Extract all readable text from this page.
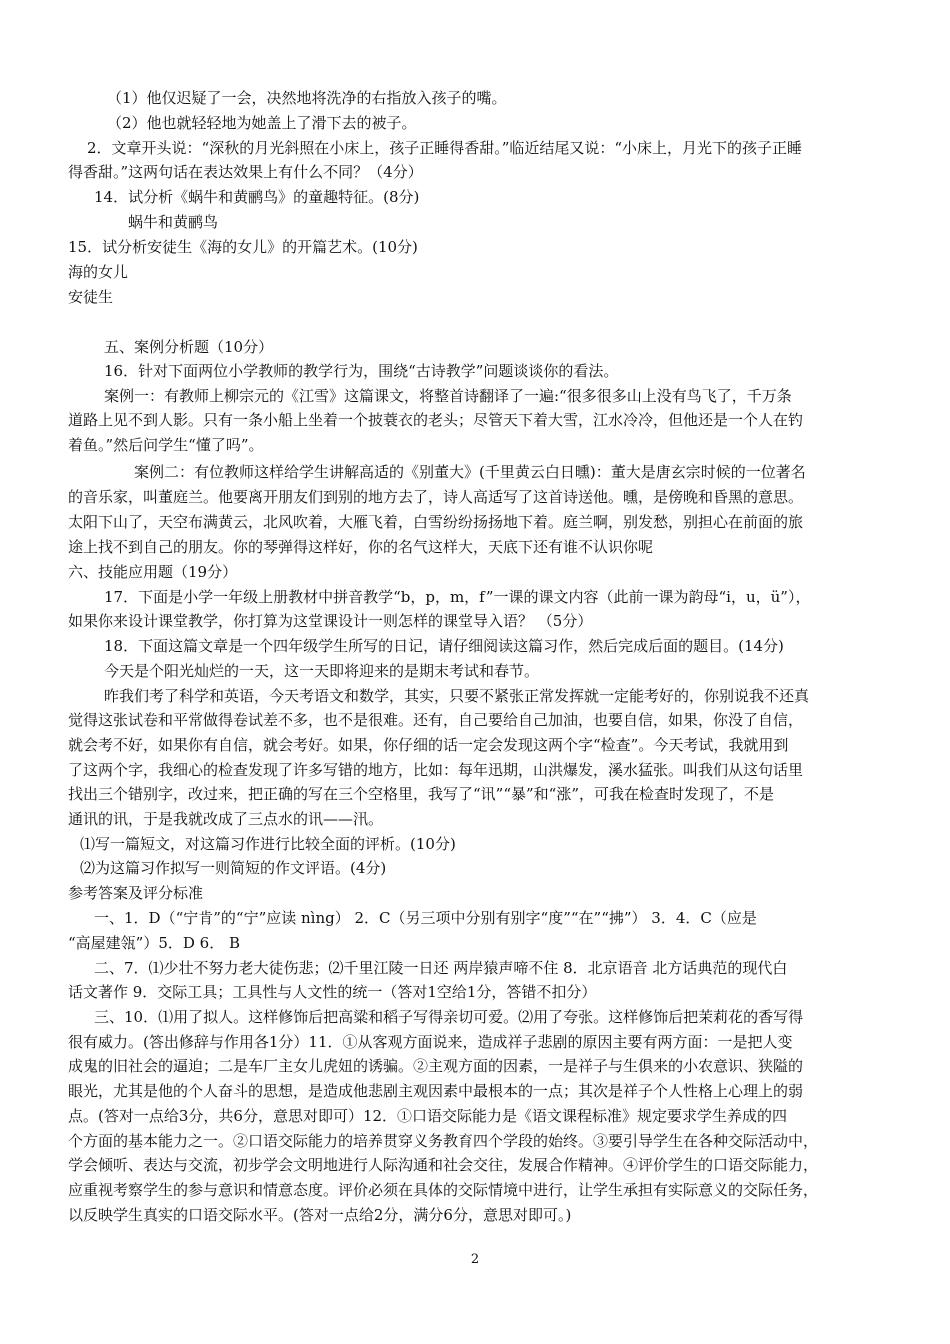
（1）他仅迟疑了一会，决然地将洗净的右指放入孩子的嘴。
（2）他也就轻轻地为她盖上了滑下去的被子。
2．文章开头说：“深秋的月光斜照在小床上，孩子正睡得香甜。”临近结尾又说：“小床上，月光下的孩子正睡
得香甜。”这两句话在表达效果上有什么不同？（4分）
14．试分析《蜗牛和黄鹂鸟》的童趣特征。(8分)
蜗牛和黄鹂鸟
15．试分析安徒生《海的女儿》的开篇艺术。(10分)
海的女儿
安徒生
五、案例分析题（10分）
16．针对下面两位小学教师的教学行为，围绕“古诗教学”问题谈谈你的看法。
案例一：有教师上柳宗元的《江雪》这篇课文，将整首诗翻译了一遍:“很多很多山上没有鸟飞了，千万条
道路上见不到人影。只有一条小船上坐着一个披蓑衣的老头；尽管天下着大雪，江水冷冷，但他还是一个人在钓
着鱼。”然后问学生“懂了吗”。
案例二：有位教师这样给学生讲解高适的《别董大》(千里黄云白日曛)：董大是唐玄宗时候的一位著名
的音乐家，叫董庭兰。他要离开朋友们到别的地方去了，诗人高适写了这首诗送他。曛，是傍晚和昏黑的意思。
太阳下山了，天空布满黄云，北风吹着，大雁飞着，白雪纷纷扬扬地下着。庭兰啊，别发愁，别担心在前面的旅
途上找不到自己的朋友。你的琴弹得这样好，你的名气这样大，天底下还有谁不认识你呢
六、技能应用题（19分）
17．下面是小学一年级上册教材中拼音教学“b，p，m，f”一课的课文内容（此前一课为韵母“i，u，ü”），
如果你来设计课堂教学，你打算为这堂课设计一则怎样的课堂导入语？ （5分）
18．下面这篇文章是一个四年级学生所写的日记，请仔细阅读这篇习作，然后完成后面的题目。(14分)
今天是个阳光灿烂的一天，这一天即将迎来的是期末考试和春节。
昨我们考了科学和英语，今天考语文和数学，其实，只要不紧张正常发挥就一定能考好的，你别说我不还真
觉得这张试卷和平常做得卷试差不多，也不是很难。还有，自己要给自己加油，也要自信，如果，你没了自信，
就会考不好，如果你有自信，就会考好。如果，你仔细的话一定会发现这两个字“检查”。今天考试，我就用到
了这两个字，我细心的检查发现了许多写错的地方，比如：每年迅期，山洪爆发，溪水猛张。叫我们从这句话里
找出三个错别字，改过来，把正确的写在三个空格里，我写了“讯”“暴”和“涨”，可我在检查时发现了，不是
通讯的讯，于是我就改成了三点水的讯——汛。
⑴写一篇短文，对这篇习作进行比较全面的评析。(10分)
⑵为这篇习作拟写一则简短的作文评语。(4分)
参考答案及评分标准
一、1．D（“宁肯”的“宁”应读 nìng） 2．C（另三项中分别有别字“度”“在”“拂”） 3．4．C（应是
“高屋建瓴”）5．D 6． B
二、7．⑴少壮不努力老大徒伤悲；⑵千里江陵一日还 两岸猿声啼不住 8．北京语音 北方话典范的现代白
话文著作 9．交际工具；工具性与人文性的统一（答对1空给1分，答错不扣分）
三、10．⑴用了拟人。这样修饰后把高粱和稻子写得亲切可爱。⑵用了夸张。这样修饰后把茉莉花的香写得
很有威力。(答出修辞与作用各1分）11．①从客观方面说来，造成祥子悲剧的原因主要有两方面：一是把人变
成鬼的旧社会的逼迫；二是车厂主女儿虎妞的诱骗。②主观方面的因素，一是祥子与生俱来的小农意识、狭隘的
眼光，尤其是他的个人奋斗的思想，是造成他悲剧主观因素中最根本的一点；其次是祥子个人性格上心理上的弱
点。(答对一点给3分，共6分，意思对即可）12．①口语交际能力是《语文课程标准》规定要求学生养成的四
个方面的基本能力之一。②口语交际能力的培养贯穿义务教育四个学段的始终。③要引导学生在各种交际活动中，
学会倾听、表达与交流，初步学会文明地进行人际沟通和社会交往，发展合作精神。④评价学生的口语交际能力，
应重视考察学生的参与意识和情意态度。评价必须在具体的交际情境中进行，让学生承担有实际意义的交际任务，
以反映学生真实的口语交际水平。(答对一点给2分，满分6分，意思对即可。)
2
